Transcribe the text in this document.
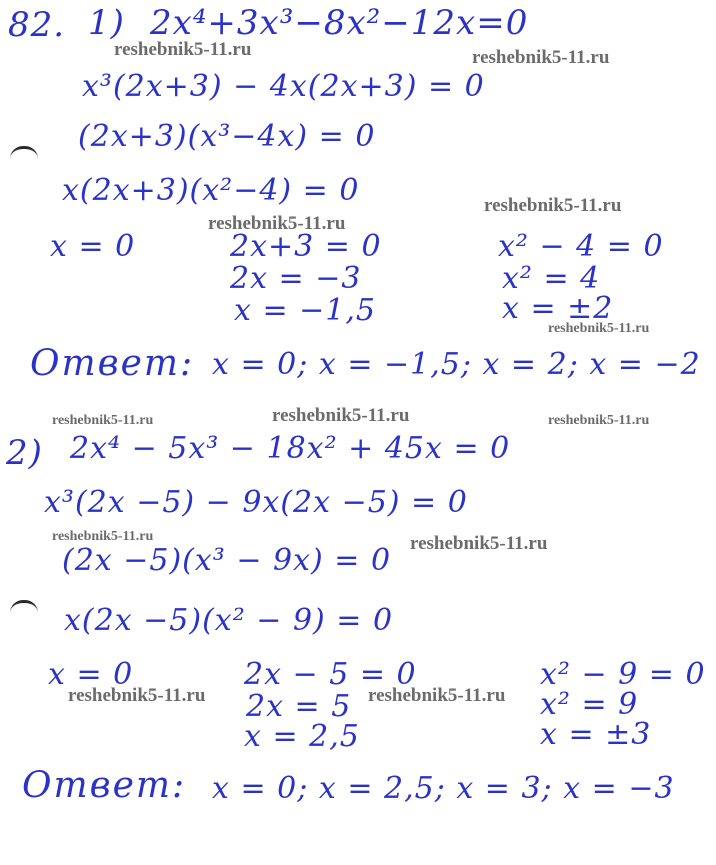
82. 1) 2x⁴+3x³−8x²−12x=0
x³(2x+3) − 4x(2x+3) = 0
(2x+3)(x³−4x) = 0
x(2x+3)(x²−4) = 0
x = 0	2x+3 = 0
2x = −3
x = −1,5
x² − 4 = 0
x² = 4
x = ±2
Ответ: x = 0; x = −1,5; x = 2; x = −2
2) 2x⁴ − 5x³ − 18x² + 45x = 0
x³(2x −5) − 9x(2x −5) = 0
(2x −5)(x³ − 9x) = 0
x(2x −5)(x² − 9) = 0
x = 0	2x − 5 = 0
2x = 5
x = 2,5
x² − 9 = 0
x² = 9
x = ±3
Ответ: x = 0; x = 2,5; x = 3; x = −3
reshebnik5-11.ru	reshebnik5-11.ru
reshebnik5-11.ru
reshebnik5-11.ru
reshebnik5-11.ru
reshebnik5-11.ru	reshebnik5-11.ru	reshebnik5-11.ru
reshebnik5-11.ru	reshebnik5-11.ru
reshebnik5-11.ru	reshebnik5-11.ru
